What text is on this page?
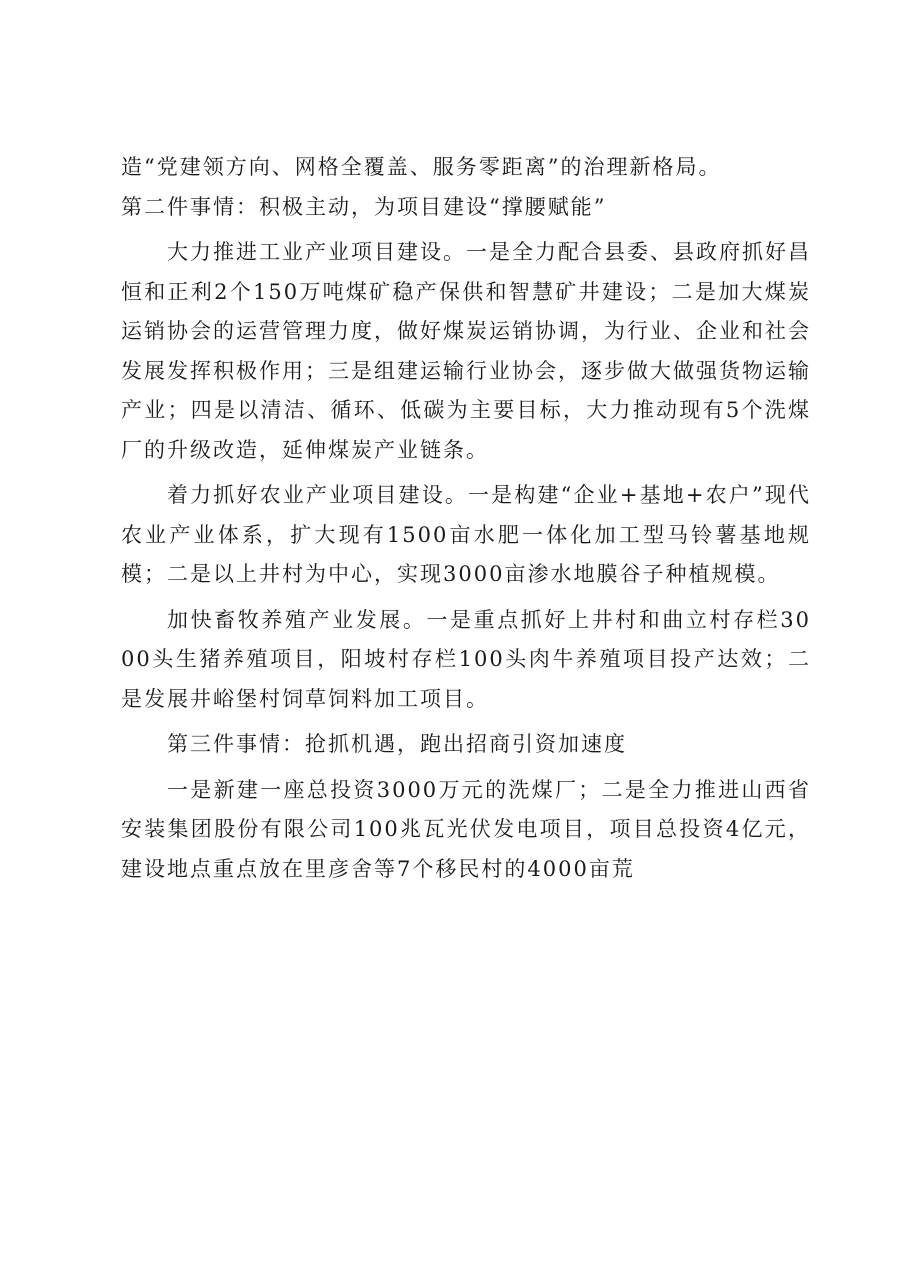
造“党建领方向、网格全覆盖、服务零距离”的治理新格局。

第二件事情：积极主动，为项目建设“撑腰赋能”

大力推进工业产业项目建设。一是全力配合县委、县政府抓好昌恒和正利2个150万吨煤矿稳产保供和智慧矿井建设；二是加大煤炭运销协会的运营管理力度，做好煤炭运销协调，为行业、企业和社会发展发挥积极作用；三是组建运输行业协会，逐步做大做强货物运输产业；四是以清洁、循环、低碳为主要目标，大力推动现有5个洗煤厂的升级改造，延伸煤炭产业链条。

着力抓好农业产业项目建设。一是构建“企业+基地+农户”现代农业产业体系，扩大现有1500亩水肥一体化加工型马铃薯基地规模；二是以上井村为中心，实现3000亩渗水地膜谷子种植规模。

加快畜牧养殖产业发展。一是重点抓好上井村和曲立村存栏3000头生猪养殖项目，阳坡村存栏100头肉牛养殖项目投产达效；二是发展井峪堡村饲草饲料加工项目。

第三件事情：抢抓机遇，跑出招商引资加速度

一是新建一座总投资3000万元的洗煤厂；二是全力推进山西省安装集团股份有限公司100兆瓦光伏发电项目，项目总投资4亿元，建设地点重点放在里彦舍等7个移民村的4000亩荒
